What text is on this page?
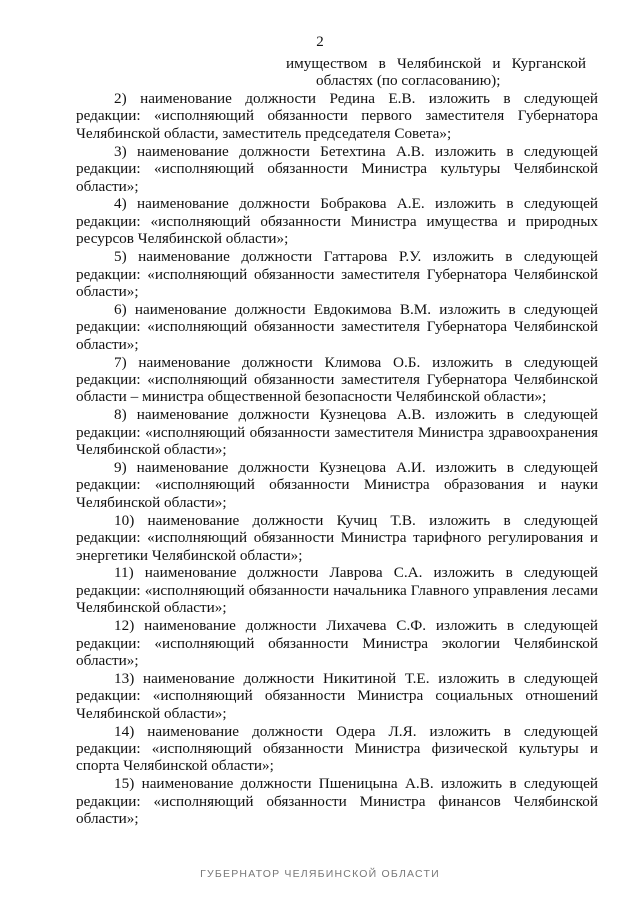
2
имуществом в Челябинской и Курганской
областях (по согласованию);

2) наименование должности Редина Е.В. изложить в следующей редакции: «исполняющий обязанности первого заместителя Губернатора Челябинской области, заместитель председателя Совета»;

3) наименование должности Бетехтина А.В. изложить в следующей редакции: «исполняющий обязанности Министра культуры Челябинской области»;

4) наименование должности Бобракова А.Е. изложить в следующей редакции: «исполняющий обязанности Министра имущества и природных ресурсов Челябинской области»;

5) наименование должности Гаттарова Р.У. изложить в следующей редакции: «исполняющий обязанности заместителя Губернатора Челябинской области»;

6) наименование должности Евдокимова В.М. изложить в следующей редакции: «исполняющий обязанности заместителя Губернатора Челябинской области»;

7) наименование должности Климова О.Б. изложить в следующей редакции: «исполняющий обязанности заместителя Губернатора Челябинской области – министра общественной безопасности Челябинской области»;

8) наименование должности Кузнецова А.В. изложить в следующей редакции: «исполняющий обязанности заместителя Министра здравоохранения Челябинской области»;

9) наименование должности Кузнецова А.И. изложить в следующей редакции: «исполняющий обязанности Министра образования и науки Челябинской области»;

10) наименование должности Кучиц Т.В. изложить в следующей редакции: «исполняющий обязанности Министра тарифного регулирования и энергетики Челябинской области»;

11) наименование должности Лаврова С.А. изложить в следующей редакции: «исполняющий обязанности начальника Главного управления лесами Челябинской области»;

12) наименование должности Лихачева С.Ф. изложить в следующей редакции: «исполняющий обязанности Министра экологии Челябинской области»;

13) наименование должности Никитиной Т.Е. изложить в следующей редакции: «исполняющий обязанности Министра социальных отношений Челябинской области»;

14) наименование должности Одера Л.Я. изложить в следующей редакции: «исполняющий обязанности Министра физической культуры и спорта Челябинской области»;

15) наименование должности Пшеницына А.В. изложить в следующей редакции: «исполняющий обязанности Министра финансов Челябинской области»;

ГУБЕРНАТОР ЧЕЛЯБИНСКОЙ ОБЛАСТИ
